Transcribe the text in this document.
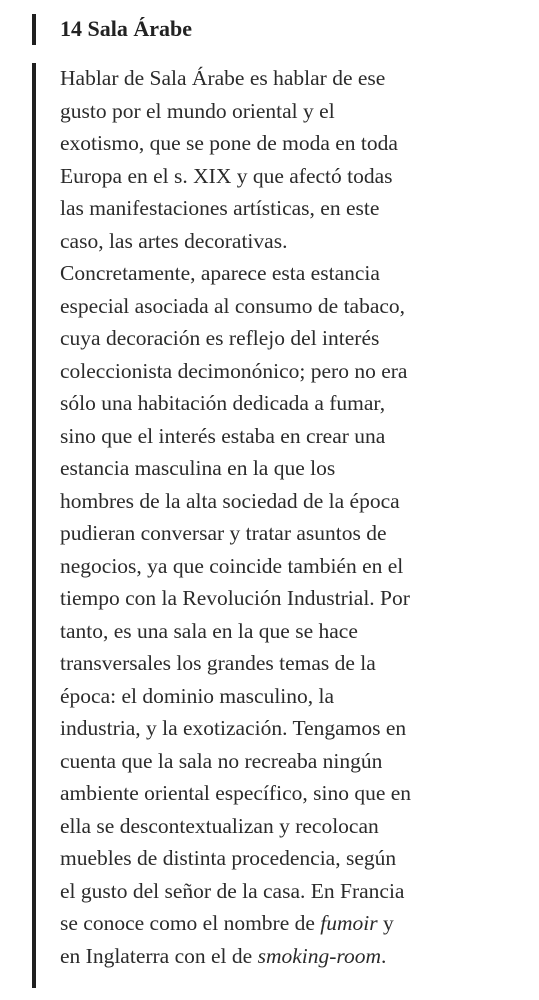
14 Sala Árabe
Hablar de Sala Árabe es hablar de ese
gusto por el mundo oriental y el
exotismo, que se pone de moda en toda
Europa en el s. XIX y que afectó todas
las manifestaciones artísticas, en este
caso, las artes decorativas.
Concretamente, aparece esta estancia
especial asociada al consumo de tabaco,
cuya decoración es reflejo del interés
coleccionista decimonónico; pero no era
sólo una habitación dedicada a fumar,
sino que el interés estaba en crear una
estancia masculina en la que los
hombres de la alta sociedad de la época
pudieran conversar y tratar asuntos de
negocios, ya que coincide también en el
tiempo con la Revolución Industrial. Por
tanto, es una sala en la que se hace
transversales los grandes temas de la
época: el dominio masculino, la
industria, y la exotización. Tengamos en
cuenta que la sala no recreaba ningún
ambiente oriental específico, sino que en
ella se descontextualizan y recolocan
muebles de distinta procedencia, según
el gusto del señor de la casa. En Francia
se conoce como el nombre de fumoir y
en Inglaterra con el de smoking-room.
